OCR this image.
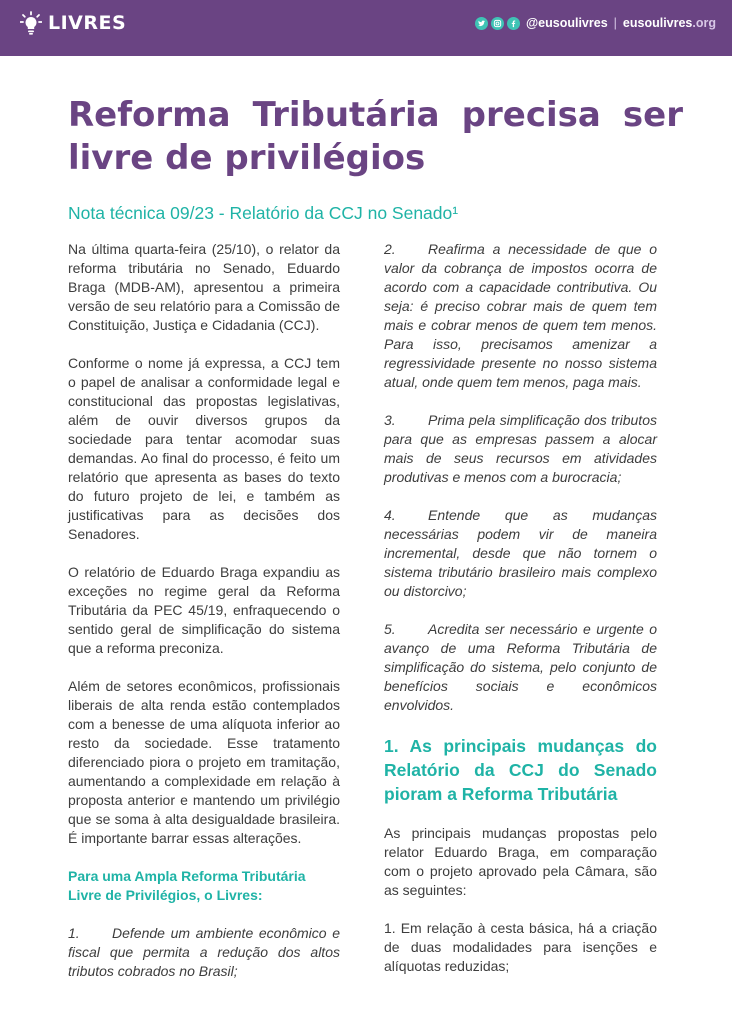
LIVRES	@eusoulivres | eusoulivres.org
Reforma Tributária precisa ser
livre de privilégios
Nota técnica 09/23 - Relatório da CCJ no Senado¹

Na última quarta-feira (25/10), o relator da reforma tributária no Senado, Eduardo Braga (MDB-AM), apresentou a primeira versão de seu relatório para a Comissão de Constituição, Justiça e Cidadania (CCJ).

Conforme o nome já expressa, a CCJ tem o papel de analisar a conformidade legal e constitucional das propostas legislativas, além de ouvir diversos grupos da sociedade para tentar acomodar suas demandas. Ao final do processo, é feito um relatório que apresenta as bases do texto do futuro projeto de lei, e também as justificativas para as decisões dos Senadores.

O relatório de Eduardo Braga expandiu as exceções no regime geral da Reforma Tributária da PEC 45/19, enfraquecendo o sentido geral de simplificação do sistema que a reforma preconiza.

Além de setores econômicos, profissionais liberais de alta renda estão contemplados com a benesse de uma alíquota inferior ao resto da sociedade. Esse tratamento diferenciado piora o projeto em tramitação, aumentando a complexidade em relação à proposta anterior e mantendo um privilégio que se soma à alta desigualdade brasileira. É importante barrar essas alterações.

Para uma Ampla Reforma Tributária Livre de Privilégios, o Livres:

1. Defende um ambiente econômico e fiscal que permita a redução dos altos tributos cobrados no Brasil;

2. Reafirma a necessidade de que o valor da cobrança de impostos ocorra de acordo com a capacidade contributiva. Ou seja: é preciso cobrar mais de quem tem mais e cobrar menos de quem tem menos. Para isso, precisamos amenizar a regressividade presente no nosso sistema atual, onde quem tem menos, paga mais.

3. Prima pela simplificação dos tributos para que as empresas passem a alocar mais de seus recursos em atividades produtivas e menos com a burocracia;

4. Entende que as mudanças necessárias podem vir de maneira incremental, desde que não tornem o sistema tributário brasileiro mais complexo ou distorcivo;

5. Acredita ser necessário e urgente o avanço de uma Reforma Tributária de simplificação do sistema, pelo conjunto de benefícios sociais e econômicos envolvidos.

1. As principais mudanças do Relatório da CCJ do Senado pioram a Reforma Tributária

As principais mudanças propostas pelo relator Eduardo Braga, em comparação com o projeto aprovado pela Câmara, são as seguintes:

1. Em relação à cesta básica, há a criação de duas modalidades para isenções e alíquotas reduzidas;
